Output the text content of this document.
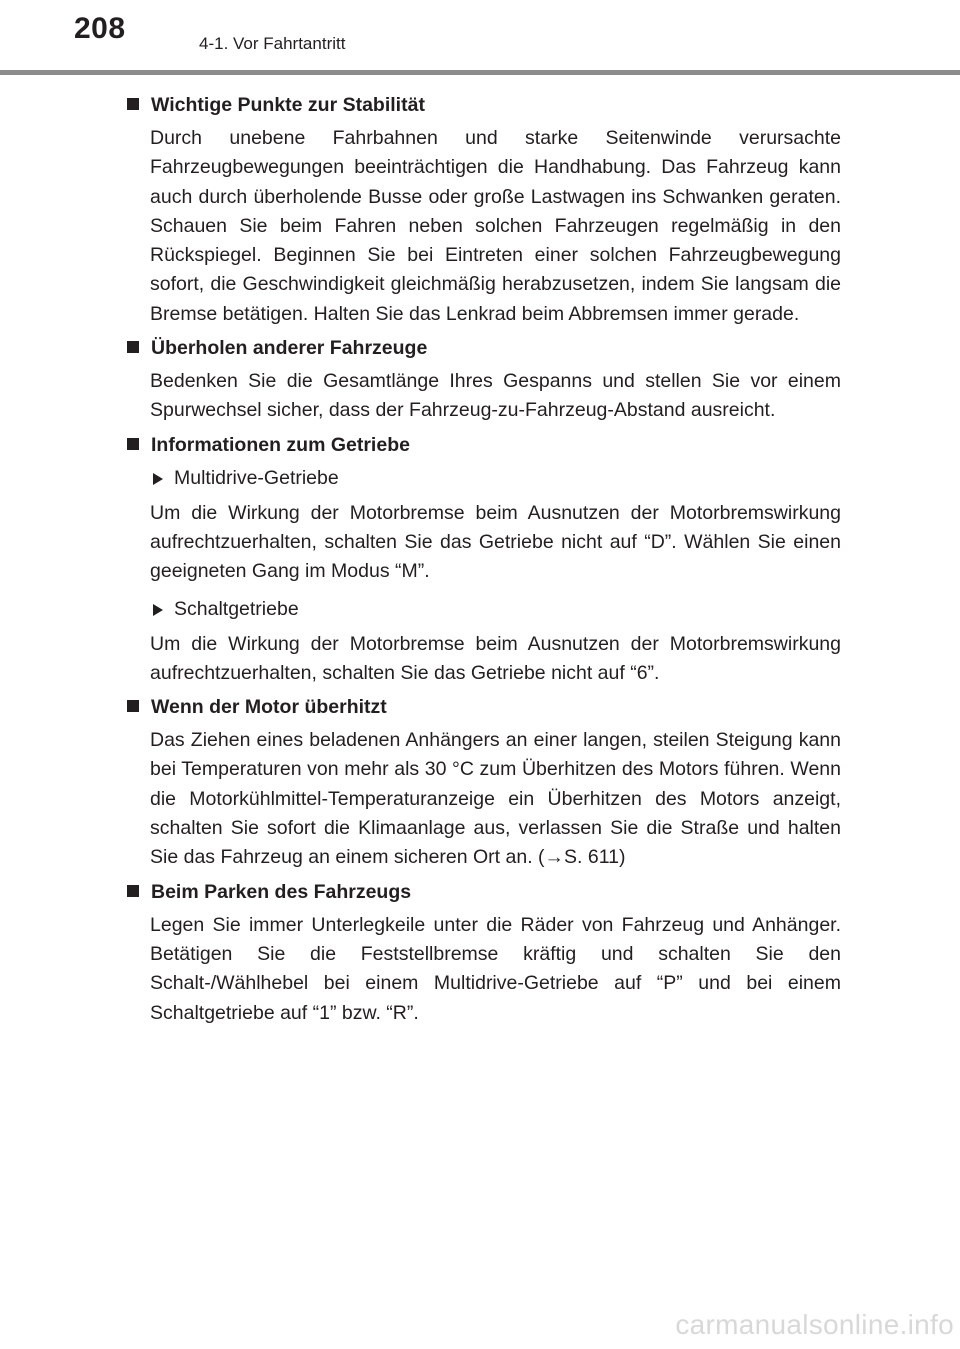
208	4-1. Vor Fahrtantritt
Wichtige Punkte zur Stabilität

Durch unebene Fahrbahnen und starke Seitenwinde verursachte Fahrzeugbewegungen beeinträchtigen die Handhabung. Das Fahrzeug kann auch durch überholende Busse oder große Lastwagen ins Schwanken geraten. Schauen Sie beim Fahren neben solchen Fahrzeugen regelmäßig in den Rückspiegel. Beginnen Sie bei Eintreten einer solchen Fahrzeugbewegung sofort, die Geschwindigkeit gleichmäßig herabzusetzen, indem Sie langsam die Bremse betätigen. Halten Sie das Lenkrad beim Abbremsen immer gerade.

Überholen anderer Fahrzeuge

Bedenken Sie die Gesamtlänge Ihres Gespanns und stellen Sie vor einem Spurwechsel sicher, dass der Fahrzeug-zu-Fahrzeug-Abstand ausreicht.

Informationen zum Getriebe
Multidrive-Getriebe

Um die Wirkung der Motorbremse beim Ausnutzen der Motorbremswirkung aufrechtzuerhalten, schalten Sie das Getriebe nicht auf “D”. Wählen Sie einen geeigneten Gang im Modus “M”.

Schaltgetriebe

Um die Wirkung der Motorbremse beim Ausnutzen der Motorbremswirkung aufrechtzuerhalten, schalten Sie das Getriebe nicht auf “6”.

Wenn der Motor überhitzt

Das Ziehen eines beladenen Anhängers an einer langen, steilen Steigung kann bei Temperaturen von mehr als 30 °C zum Überhitzen des Motors führen. Wenn die Motorkühlmittel-Temperaturanzeige ein Überhitzen des Motors anzeigt, schalten Sie sofort die Klimaanlage aus, verlassen Sie die Straße und halten Sie das Fahrzeug an einem sicheren Ort an. (→S. 611)

Beim Parken des Fahrzeugs

Legen Sie immer Unterlegkeile unter die Räder von Fahrzeug und Anhänger. Betätigen Sie die Feststellbremse kräftig und schalten Sie den Schalt-/Wählhebel bei einem Multidrive-Getriebe auf “P” und bei einem Schaltgetriebe auf “1” bzw. “R”.

carmanualsonline.info
